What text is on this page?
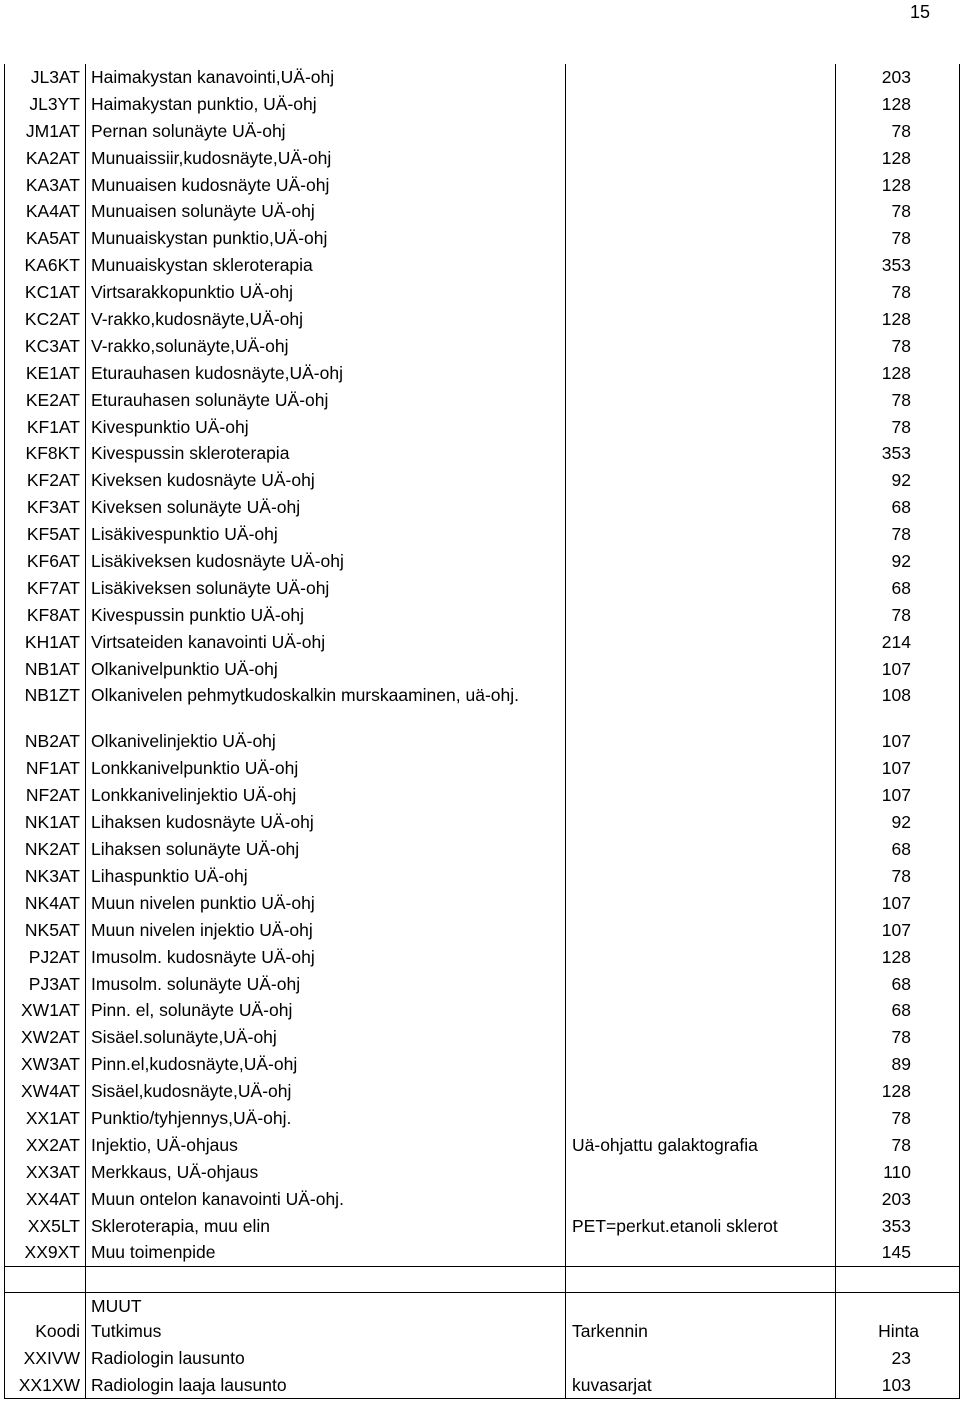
15
JL3AT	Haimakystan kanavointi,UÄ-ohj		203
JL3YT	Haimakystan punktio, UÄ-ohj		128
JM1AT	Pernan solunäyte UÄ-ohj		78
KA2AT	Munuaissiir,kudosnäyte,UÄ-ohj		128
KA3AT	Munuaisen kudosnäyte UÄ-ohj		128
KA4AT	Munuaisen solunäyte UÄ-ohj		78
KA5AT	Munuaiskystan punktio,UÄ-ohj		78
KA6KT	Munuaiskystan skleroterapia		353
KC1AT	Virtsarakkopunktio UÄ-ohj		78
KC2AT	V-rakko,kudosnäyte,UÄ-ohj		128
KC3AT	V-rakko,solunäyte,UÄ-ohj		78
KE1AT	Eturauhasen kudosnäyte,UÄ-ohj		128
KE2AT	Eturauhasen solunäyte UÄ-ohj		78
KF1AT	Kivespunktio UÄ-ohj		78
KF8KT	Kivespussin skleroterapia		353
KF2AT	Kiveksen kudosnäyte UÄ-ohj		92
KF3AT	Kiveksen solunäyte UÄ-ohj		68
KF5AT	Lisäkivespunktio UÄ-ohj		78
KF6AT	Lisäkiveksen kudosnäyte UÄ-ohj		92
KF7AT	Lisäkiveksen solunäyte UÄ-ohj		68
KF8AT	Kivespussin punktio UÄ-ohj		78
KH1AT	Virtsateiden kanavointi UÄ-ohj		214
NB1AT	Olkanivelpunktio UÄ-ohj		107
NB1ZT	Olkanivelen pehmytkudoskalkin murskaaminen, uä-ohj.		108
NB2AT	Olkanivelinjektio UÄ-ohj		107
NF1AT	Lonkkanivelpunktio UÄ-ohj		107
NF2AT	Lonkkanivelinjektio UÄ-ohj		107
NK1AT	Lihaksen kudosnäyte UÄ-ohj		92
NK2AT	Lihaksen solunäyte UÄ-ohj		68
NK3AT	Lihaspunktio UÄ-ohj		78
NK4AT	Muun nivelen punktio UÄ-ohj		107
NK5AT	Muun nivelen injektio UÄ-ohj		107
PJ2AT	Imusolm. kudosnäyte UÄ-ohj		128
PJ3AT	Imusolm. solunäyte UÄ-ohj		68
XW1AT	Pinn. el, solunäyte UÄ-ohj		68
XW2AT	Sisäel.solunäyte,UÄ-ohj		78
XW3AT	Pinn.el,kudosnäyte,UÄ-ohj		89
XW4AT	Sisäel,kudosnäyte,UÄ-ohj		128
XX1AT	Punktio/tyhjennys,UÄ-ohj.		78
XX2AT	Injektio, UÄ-ohjaus	Uä-ohjattu galaktografia	78
XX3AT	Merkkaus, UÄ-ohjaus		110
XX4AT	Muun ontelon kanavointi UÄ-ohj.		203
XX5LT	Skleroterapia, muu elin	PET=perkut.etanoli sklerot	353
XX9XT	Muu toimenpide		145

	MUUT		
Koodi	Tutkimus	Tarkennin	Hinta
XXIVW	Radiologin lausunto		23
XX1XW	Radiologin laaja lausunto	kuvasarjat	103
